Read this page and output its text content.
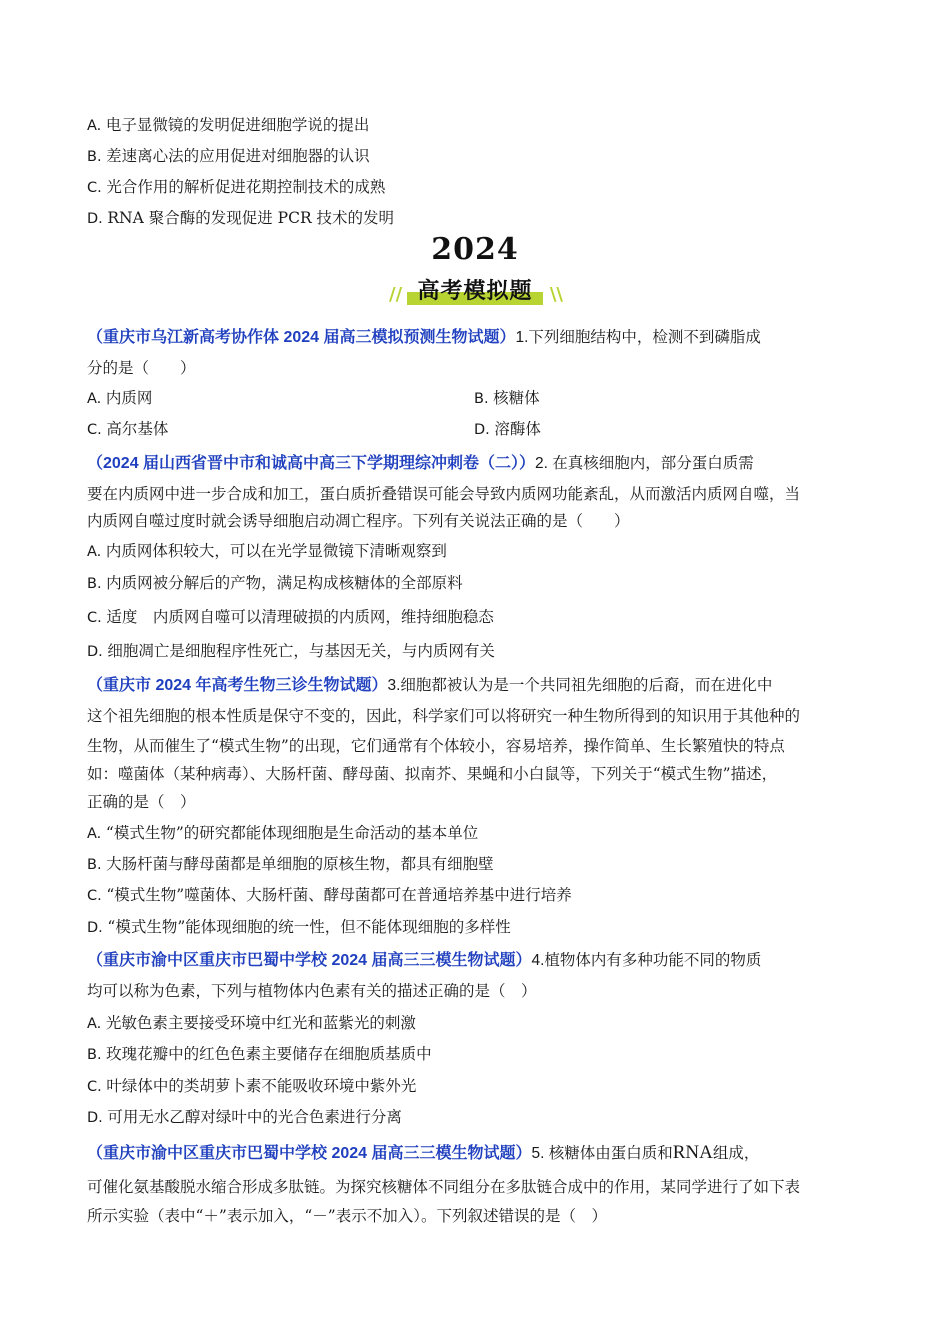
A. 电子显微镜的发明促进细胞学说的提出
B. 差速离心法的应用促进对细胞器的认识
C. 光合作用的解析促进花期控制技术的成熟
D. RNA 聚合酶的发现促进 PCR 技术的发明
2024
// 高考模拟题 \\
（重庆市乌江新高考协作体 2024 届高三模拟预测生物试题）1.下列细胞结构中，检测不到磷脂成
分的是（　　）
A. 内质网	B. 核糖体
C. 高尔基体	D. 溶酶体
（2024 届山西省晋中市和诚高中高三下学期理综冲刺卷（二））2. 在真核细胞内，部分蛋白质需
要在内质网中进一步合成和加工，蛋白质折叠错误可能会导致内质网功能紊乱，从而激活内质网自噬，当
内质网自噬过度时就会诱导细胞启动凋亡程序。下列有关说法正确的是（　　）
A. 内质网体积较大，可以在光学显微镜下清晰观察到
B. 内质网被分解后的产物，满足构成核糖体的全部原料
C. 适度　内质网自噬可以清理破损的内质网，维持细胞稳态
D. 细胞凋亡是细胞程序性死亡，与基因无关，与内质网有关
（重庆市 2024 年高考生物三诊生物试题）3.细胞都被认为是一个共同祖先细胞的后裔，而在进化中
这个祖先细胞的根本性质是保守不变的，因此，科学家们可以将研究一种生物所得到的知识用于其他种的
生物，从而催生了“模式生物”的出现，它们通常有个体较小，容易培养，操作简单、生长繁殖快的特点
如：噬菌体（某种病毒）、大肠杆菌、酵母菌、拟南芥、果蝇和小白鼠等，下列关于“模式生物”描述，
正确的是（　）
A. “模式生物”的研究都能体现细胞是生命活动的基本单位
B. 大肠杆菌与酵母菌都是单细胞的原核生物，都具有细胞壁
C. “模式生物”噬菌体、大肠杆菌、酵母菌都可在普通培养基中进行培养
D. “模式生物”能体现细胞的统一性，但不能体现细胞的多样性
（重庆市渝中区重庆市巴蜀中学校 2024 届高三三模生物试题）4.植物体内有多种功能不同的物质
均可以称为色素，下列与植物体内色素有关的描述正确的是（　）
A. 光敏色素主要接受环境中红光和蓝紫光的刺激
B. 玫瑰花瓣中的红色色素主要储存在细胞质基质中
C. 叶绿体中的类胡萝卜素不能吸收环境中紫外光
D. 可用无水乙醇对绿叶中的光合色素进行分离
（重庆市渝中区重庆市巴蜀中学校 2024 届高三三模生物试题）5. 核糖体由蛋白质和RNA组成，
可催化氨基酸脱水缩合形成多肽链。为探究核糖体不同组分在多肽链合成中的作用，某同学进行了如下表
所示实验（表中“＋”表示加入，“－”表示不加入）。下列叙述错误的是（　）
